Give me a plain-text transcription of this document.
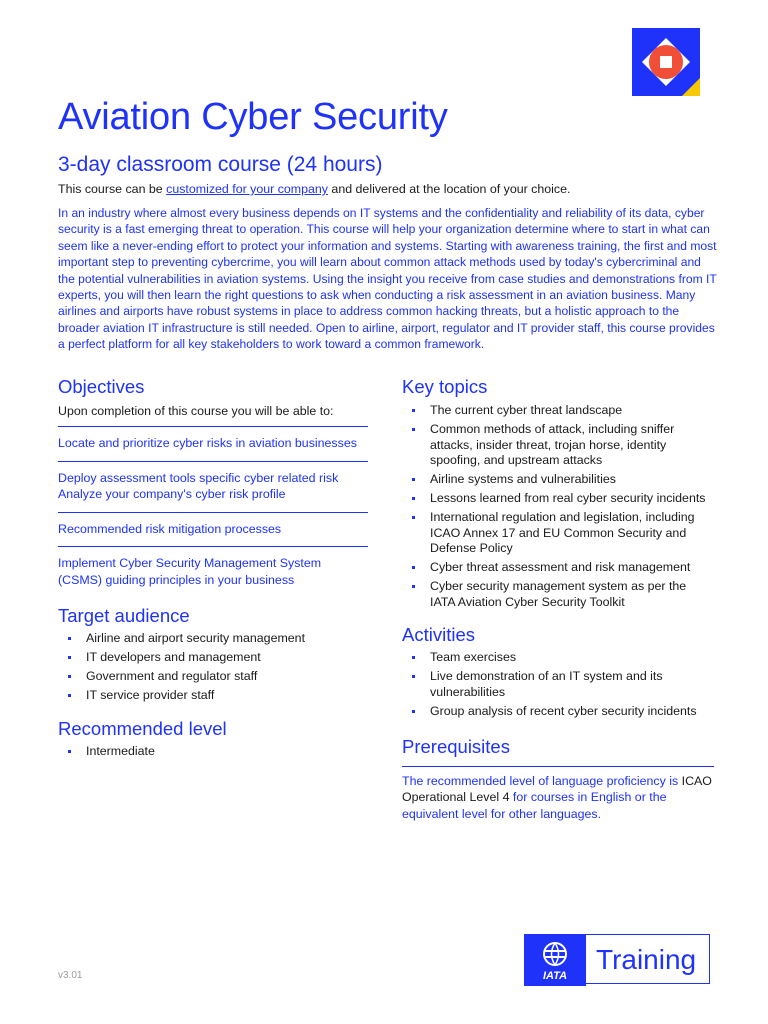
Aviation Cyber Security
3-day classroom course (24 hours)

This course can be customized for your company and delivered at the location of your choice.

In an industry where almost every business depends on IT systems and the confidentiality and reliability of its data, cyber security is a fast emerging threat to operation. This course will help your organization determine where to start in what can seem like a never-ending effort to protect your information and systems. Starting with awareness training, the first and most important step to preventing cybercrime, you will learn about common attack methods used by today's cybercriminal and the potential vulnerabilities in aviation systems. Using the insight you receive from case studies and demonstrations from IT experts, you will then learn the right questions to ask when conducting a risk assessment in an aviation business. Many airlines and airports have robust systems in place to address common hacking threats, but a holistic approach to the broader aviation IT infrastructure is still needed. Open to airline, airport, regulator and IT provider staff, this course provides a perfect platform for all key stakeholders to work toward a common framework.

Objectives
Upon completion of this course you will be able to:
Locate and prioritize cyber risks in aviation businesses
Deploy assessment tools specific cyber related risk Analyze your company's cyber risk profile
Recommended risk mitigation processes
Implement Cyber Security Management System (CSMS) guiding principles in your business
Target audience
Airline and airport security management
IT developers and management
Government and regulator staff
IT service provider staff
Recommended level
Intermediate
Key topics
The current cyber threat landscape
Common methods of attack, including sniffer attacks, insider threat, trojan horse, identity spoofing, and upstream attacks
Airline systems and vulnerabilities
Lessons learned from real cyber security incidents
International regulation and legislation, including ICAO Annex 17 and EU Common Security and Defense Policy
Cyber threat assessment and risk management
Cyber security management system as per the IATA Aviation Cyber Security Toolkit
Activities
Team exercises
Live demonstration of an IT system and its vulnerabilities
Group analysis of recent cyber security incidents
Prerequisites
The recommended level of language proficiency is ICAO Operational Level 4 for courses in English or the equivalent level for other languages.
v3.01	IATA
Training
